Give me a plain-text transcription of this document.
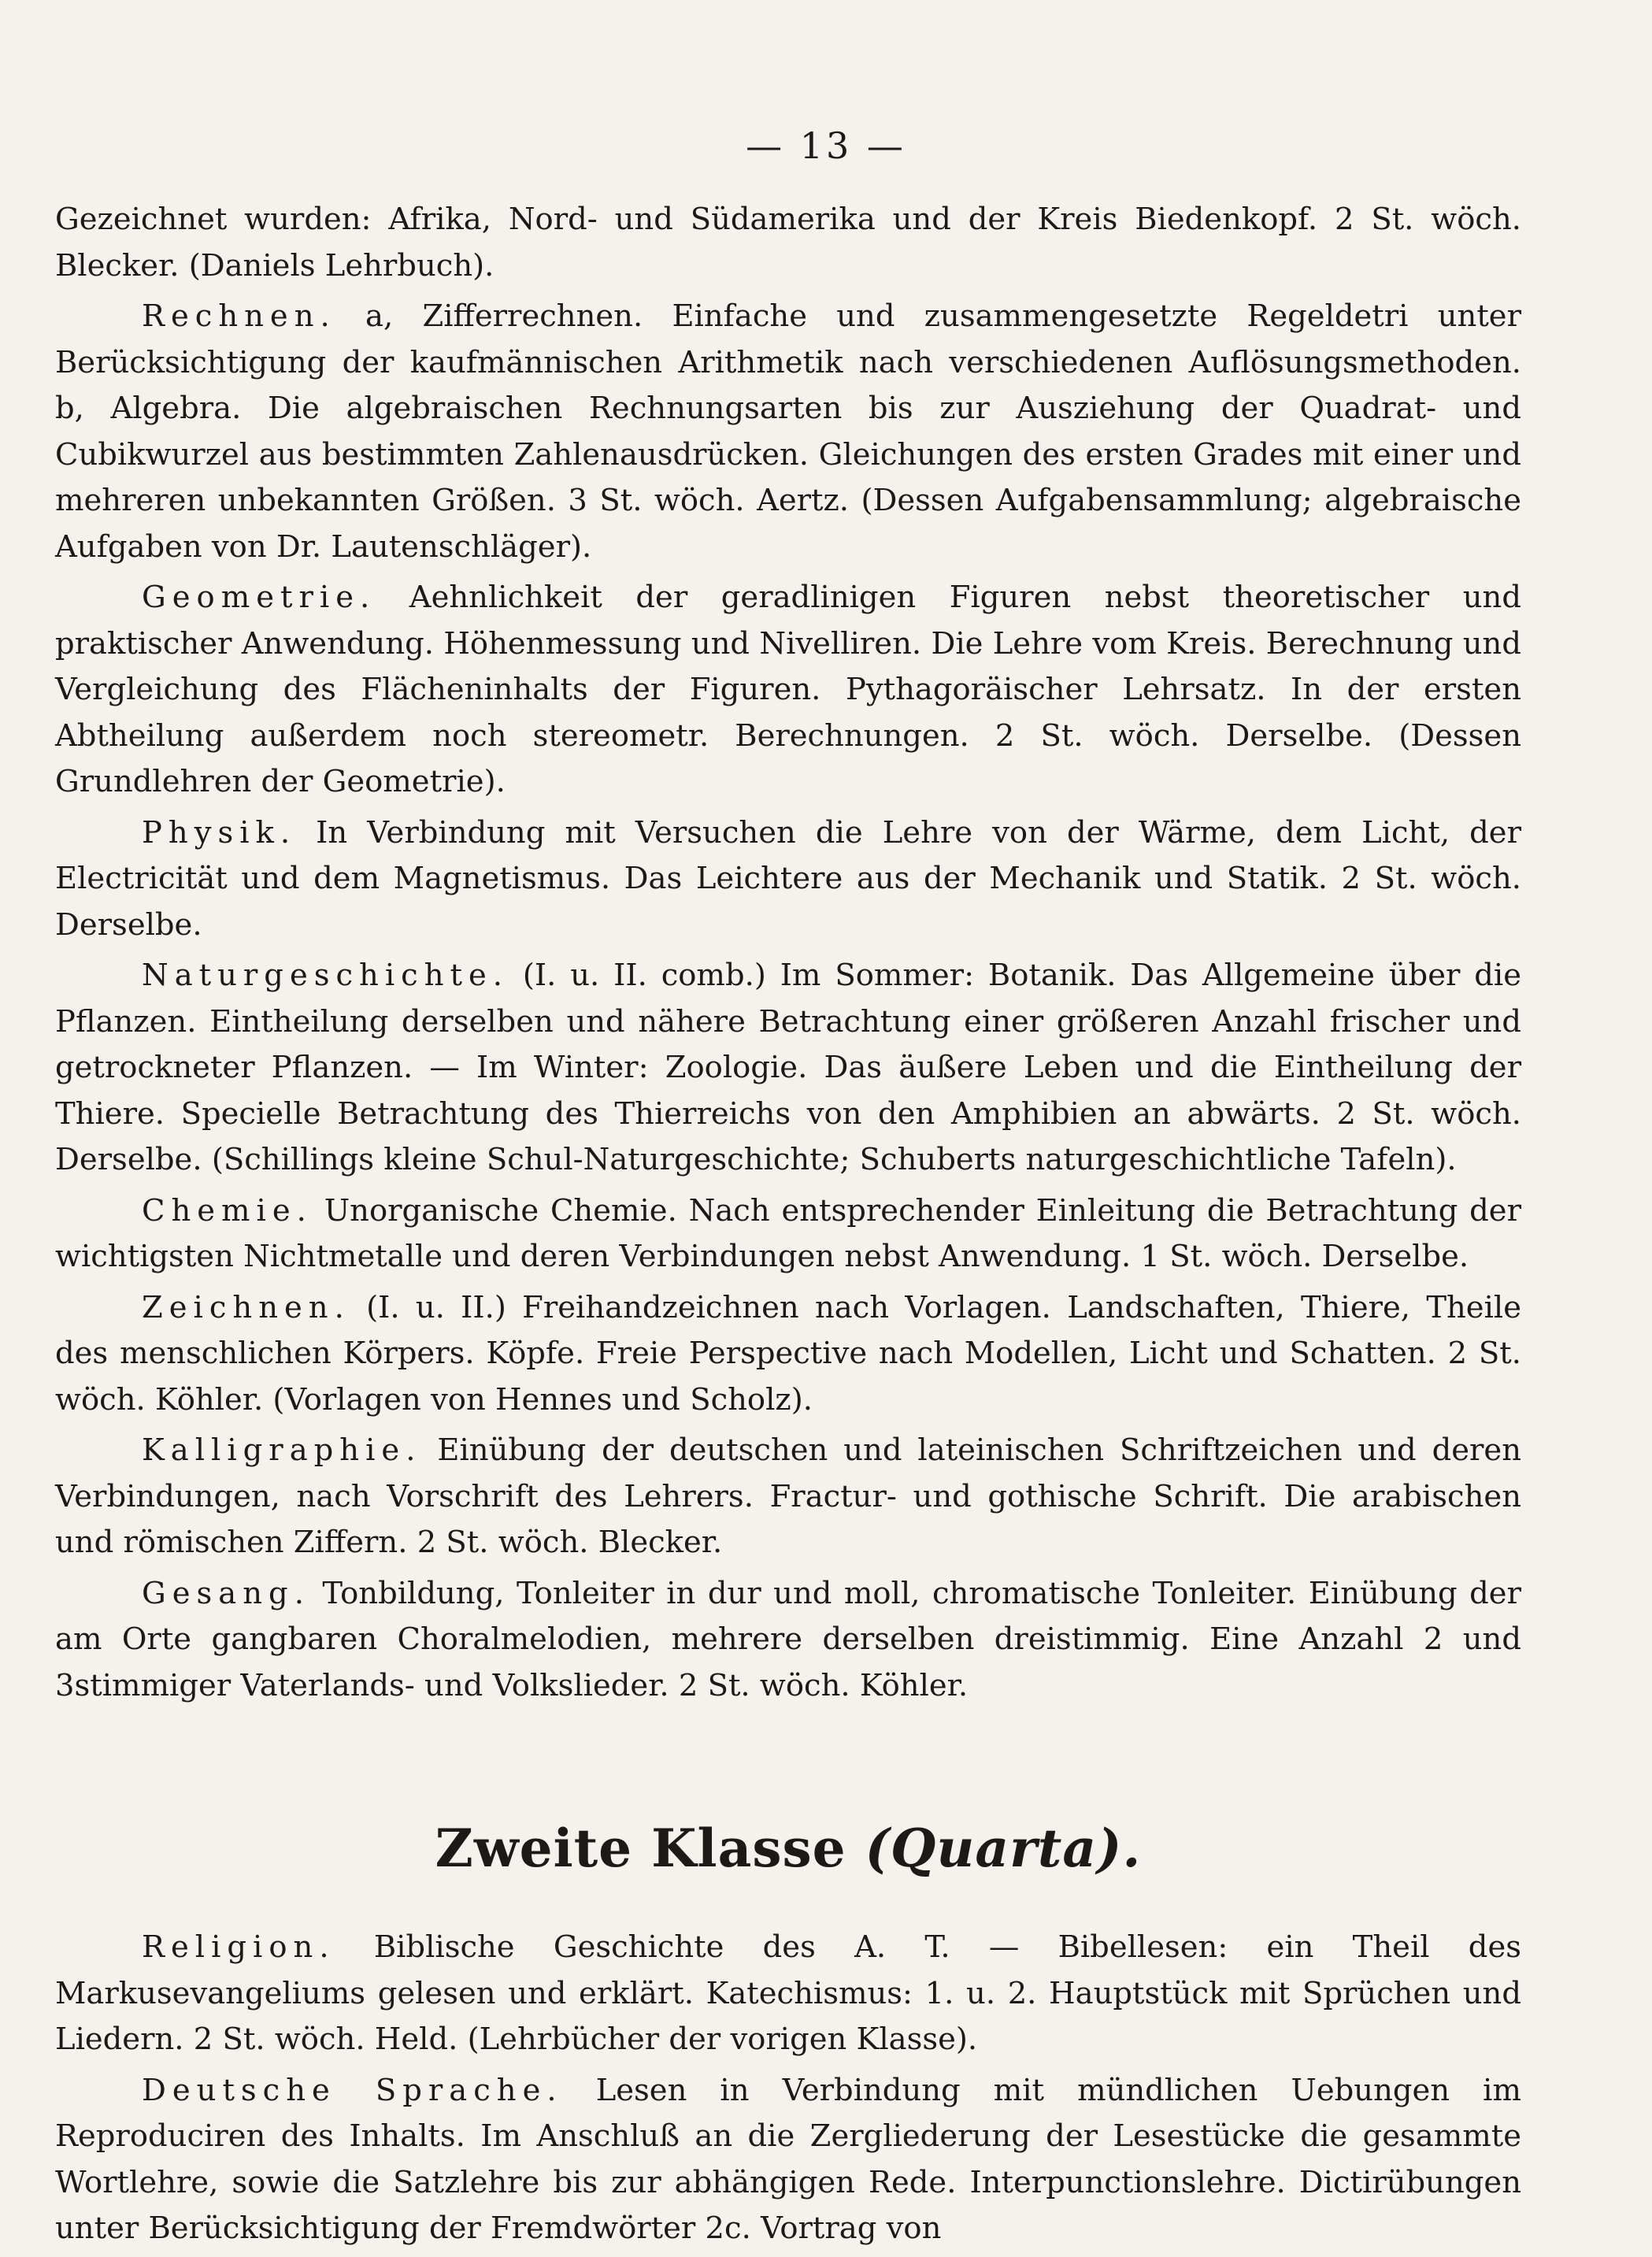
— 13 —

Gezeichnet wurden: Afrika, Nord- und Südamerika und der Kreis Biedenkopf. 2 St. wöch. Blecker. (Daniels Lehrbuch).

Rechnen. a, Zifferrechnen. Einfache und zusammengesetzte Regeldetri unter Berücksichtigung der kaufmännischen Arithmetik nach verschiedenen Auflösungsmethoden. b, Algebra. Die algebraischen Rechnungsarten bis zur Ausziehung der Quadrat- und Cubikwurzel aus bestimmten Zahlenausdrücken. Gleichungen des ersten Grades mit einer und mehreren unbekannten Größen. 3 St. wöch. Aertz. (Dessen Aufgabensammlung; algebraische Aufgaben von Dr. Lautenschläger).

Geometrie. Aehnlichkeit der geradlinigen Figuren nebst theoretischer und praktischer Anwendung. Höhenmessung und Nivelliren. Die Lehre vom Kreis. Berechnung und Vergleichung des Flächeninhalts der Figuren. Pythagoräischer Lehrsatz. In der ersten Abtheilung außerdem noch stereometr. Berechnungen. 2 St. wöch. Derselbe. (Dessen Grundlehren der Geometrie).

Physik. In Verbindung mit Versuchen die Lehre von der Wärme, dem Licht, der Electricität und dem Magnetismus. Das Leichtere aus der Mechanik und Statik. 2 St. wöch. Derselbe.

Naturgeschichte. (I. u. II. comb.) Im Sommer: Botanik. Das Allgemeine über die Pflanzen. Eintheilung derselben und nähere Betrachtung einer größeren Anzahl frischer und getrockneter Pflanzen. — Im Winter: Zoologie. Das äußere Leben und die Eintheilung der Thiere. Specielle Betrachtung des Thierreichs von den Amphibien an abwärts. 2 St. wöch. Derselbe. (Schillings kleine Schul-Naturgeschichte; Schuberts naturgeschichtliche Tafeln).

Chemie. Unorganische Chemie. Nach entsprechender Einleitung die Betrachtung der wichtigsten Nichtmetalle und deren Verbindungen nebst Anwendung. 1 St. wöch. Derselbe.

Zeichnen. (I. u. II.) Freihandzeichnen nach Vorlagen. Landschaften, Thiere, Theile des menschlichen Körpers. Köpfe. Freie Perspective nach Modellen, Licht und Schatten. 2 St. wöch. Köhler. (Vorlagen von Hennes und Scholz).

Kalligraphie. Einübung der deutschen und lateinischen Schriftzeichen und deren Verbindungen, nach Vorschrift des Lehrers. Fractur- und gothische Schrift. Die arabischen und römischen Ziffern. 2 St. wöch. Blecker.

Gesang. Tonbildung, Tonleiter in dur und moll, chromatische Tonleiter. Einübung der am Orte gangbaren Choralmelodien, mehrere derselben dreistimmig. Eine Anzahl 2 und 3stimmiger Vaterlands- und Volkslieder. 2 St. wöch. Köhler.

Zweite Klasse (Quarta).

Religion. Biblische Geschichte des A. T. — Bibellesen: ein Theil des Markusevangeliums gelesen und erklärt. Katechismus: 1. u. 2. Hauptstück mit Sprüchen und Liedern. 2 St. wöch. Held. (Lehrbücher der vorigen Klasse).

Deutsche Sprache. Lesen in Verbindung mit mündlichen Uebungen im Reproduciren des Inhalts. Im Anschluß an die Zergliederung der Lesestücke die gesammte Wortlehre, sowie die Satzlehre bis zur abhängigen Rede. Interpunctionslehre. Dictirübungen unter Berücksichtigung der Fremdwörter 2c. Vortrag von
